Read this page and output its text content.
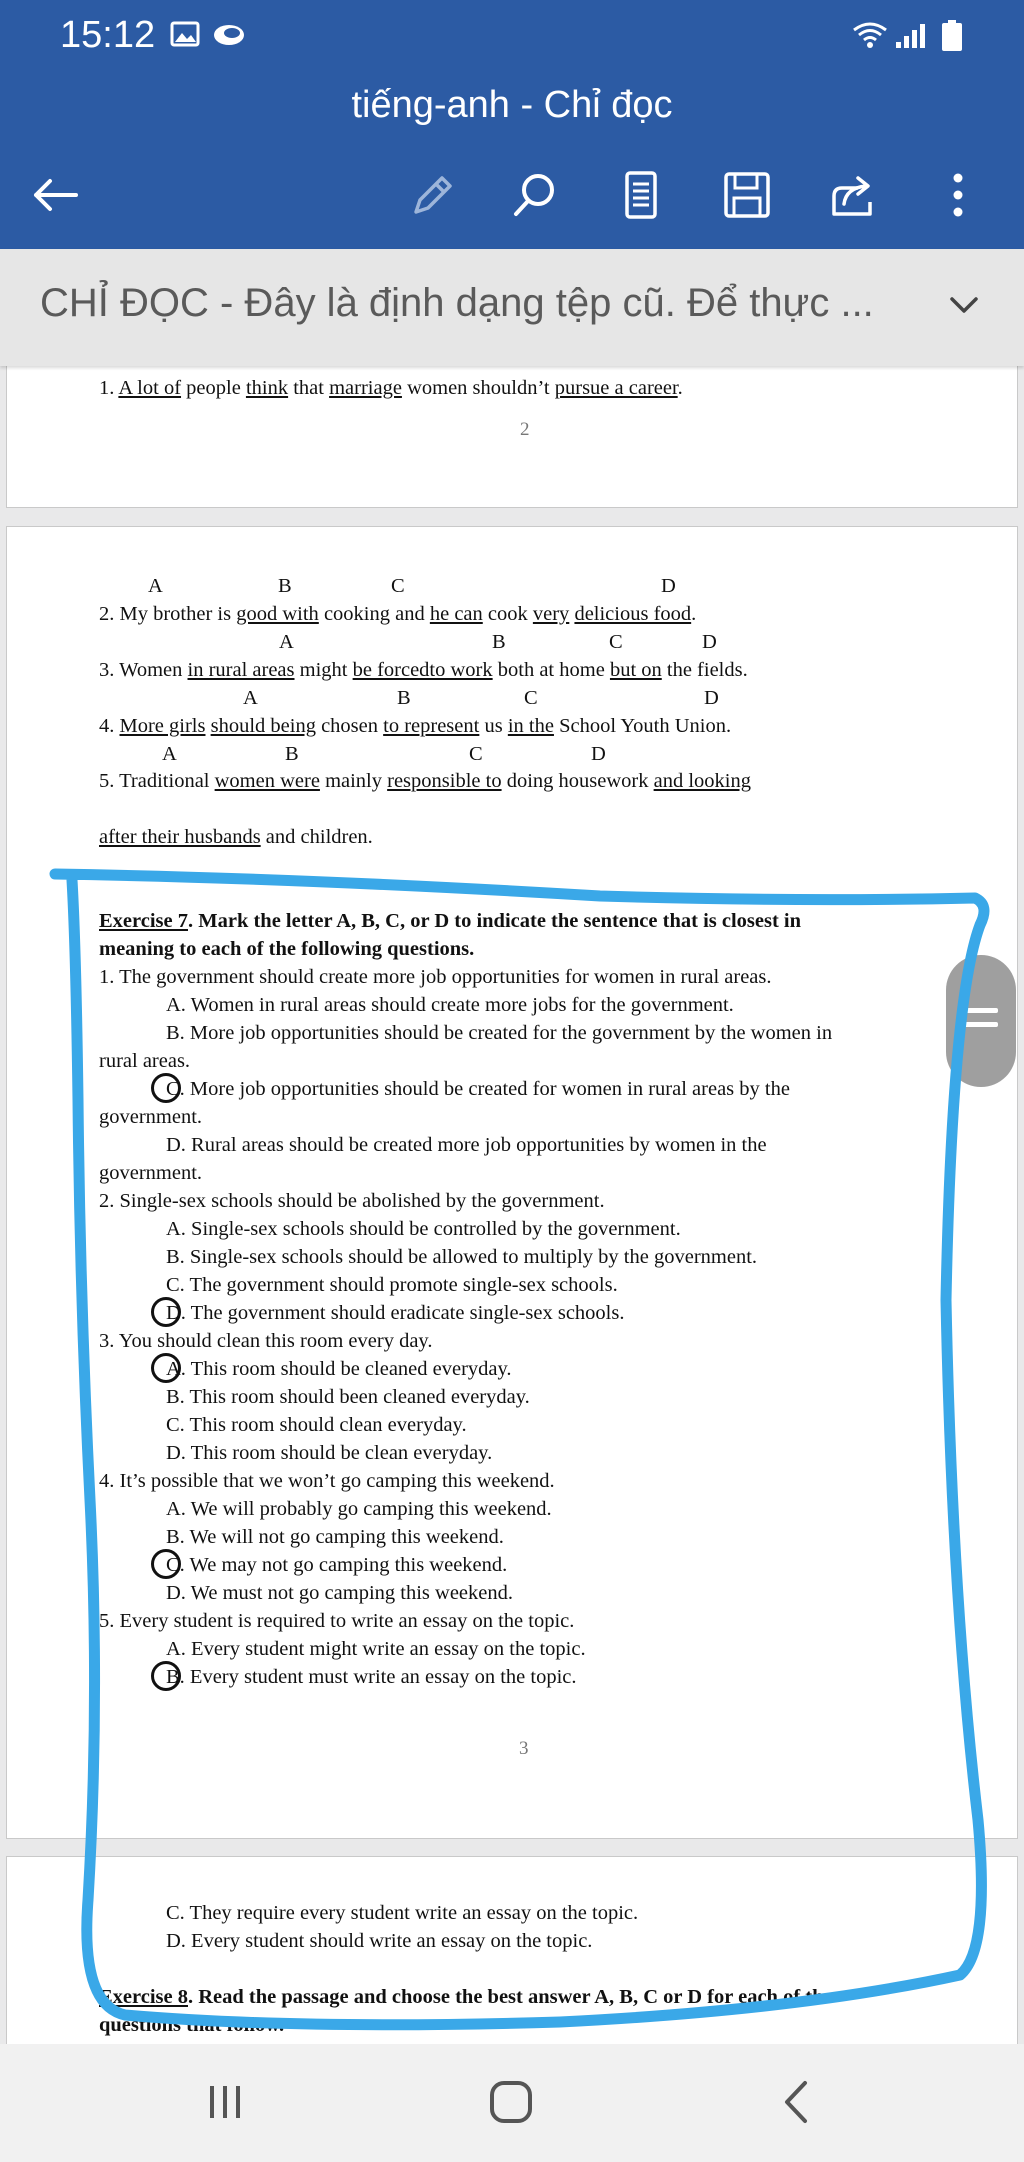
15:12
tiếng-anh - Chỉ đọc
CHỈ ĐỌC - Đây là định dạng tệp cũ. Để thực ...
1. A lot of people think that marriage women shouldn’t pursue a career.
2
A	B	C	D
2. My brother is good with cooking and he can cook very delicious food.
A	B	C	D
3. Women in rural areas might be forcedto work both at home but on the fields.
A	B	C	D
4. More girls should being chosen to represent us in the School Youth Union.
A	B	C	D
5. Traditional women were mainly responsible to doing housework and looking
after their husbands and children.
Exercise 7. Mark the letter A, B, C, or D to indicate the sentence that is closest in
meaning to each of the following questions.
1. The government should create more job opportunities for women in rural areas.
A. Women in rural areas should create more jobs for the government.
B. More job opportunities should be created for the government by the women in
rural areas.
C. More job opportunities should be created for women in rural areas by the
government.
D. Rural areas should be created more job opportunities by women in the
government.
2. Single-sex schools should be abolished by the government.
A. Single-sex schools should be controlled by the government.
B. Single-sex schools should be allowed to multiply by the government.
C. The government should promote single-sex schools.
D. The government should eradicate single-sex schools.
3. You should clean this room every day.
A. This room should be cleaned everyday.
B. This room should been cleaned everyday.
C. This room should clean everyday.
D. This room should be clean everyday.
4. It’s possible that we won’t go camping this weekend.
A. We will probably go camping this weekend.
B. We will not go camping this weekend.
C. We may not go camping this weekend.
D. We must not go camping this weekend.
5. Every student is required to write an essay on the topic.
A. Every student might write an essay on the topic.
B. Every student must write an essay on the topic.
3
C. They require every student write an essay on the topic.
D. Every student should write an essay on the topic.
Exercise 8. Read the passage and choose the best answer A, B, C or D for each of the
questions that follow.
